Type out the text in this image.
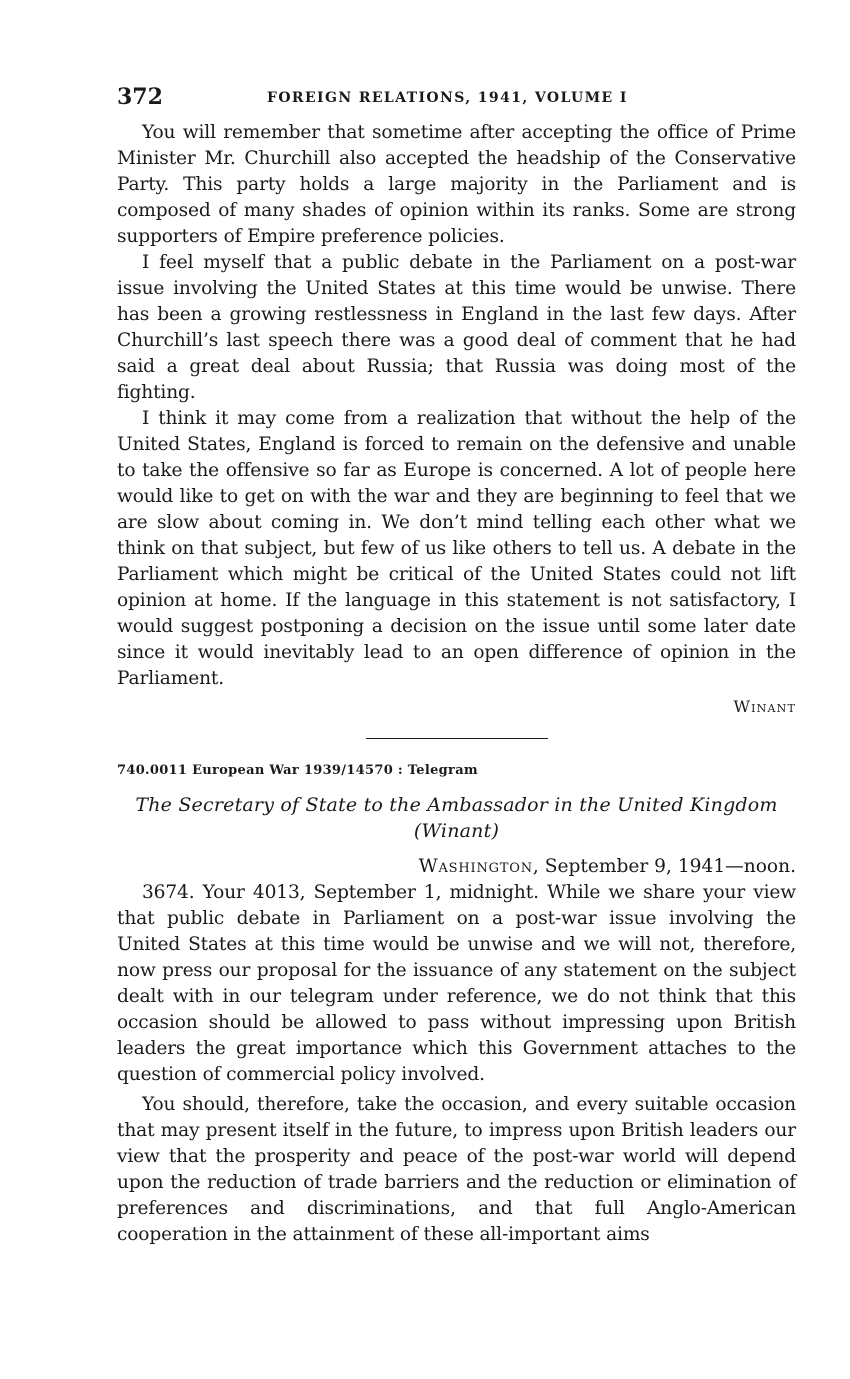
372	FOREIGN RELATIONS, 1941, VOLUME I

You will remember that sometime after accepting the office of Prime Minister Mr. Churchill also accepted the headship of the Conservative Party. This party holds a large majority in the Parliament and is composed of many shades of opinion within its ranks. Some are strong supporters of Empire preference policies.

I feel myself that a public debate in the Parliament on a post-war issue involving the United States at this time would be unwise. There has been a growing restlessness in England in the last few days. After Churchill’s last speech there was a good deal of comment that he had said a great deal about Russia; that Russia was doing most of the fighting.

I think it may come from a realization that without the help of the United States, England is forced to remain on the defensive and unable to take the offensive so far as Europe is concerned. A lot of people here would like to get on with the war and they are beginning to feel that we are slow about coming in. We don’t mind telling each other what we think on that subject, but few of us like others to tell us. A debate in the Parliament which might be critical of the United States could not lift opinion at home. If the language in this statement is not satisfactory, I would suggest postponing a decision on the issue until some later date since it would inevitably lead to an open difference of opinion in the Parliament.

Winant
740.0011 European War 1939/14570 : Telegram
The Secretary of State to the Ambassador in the United Kingdom (Winant)
Washington, September 9, 1941—noon.

3674. Your 4013, September 1, midnight. While we share your view that public debate in Parliament on a post-war issue involving the United States at this time would be unwise and we will not, therefore, now press our proposal for the issuance of any statement on the subject dealt with in our telegram under reference, we do not think that this occasion should be allowed to pass without impressing upon British leaders the great importance which this Government attaches to the question of commercial policy involved.

You should, therefore, take the occasion, and every suitable occasion that may present itself in the future, to impress upon British leaders our view that the prosperity and peace of the post-war world will depend upon the reduction of trade barriers and the reduction or elimination of preferences and discriminations, and that full Anglo-American cooperation in the attainment of these all-important aims
